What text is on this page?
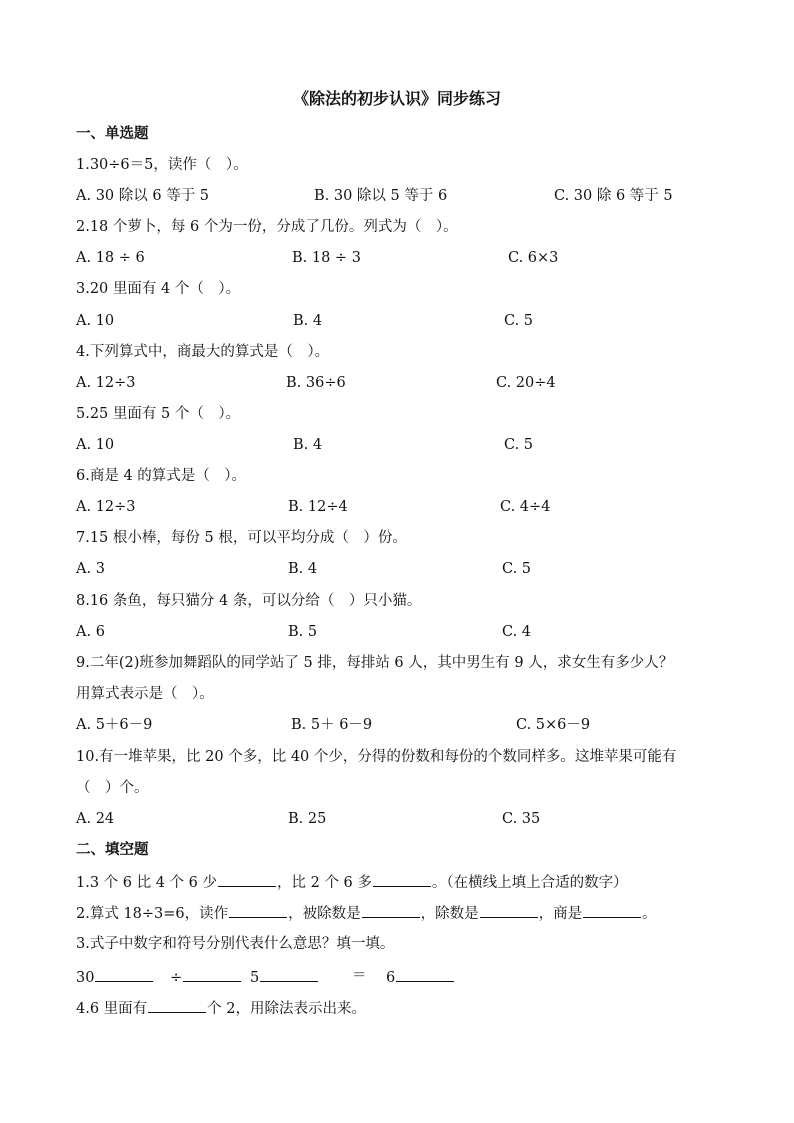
《除法的初步认识》同步练习
一、单选题
1.30÷6＝5，读作（　）。
A. 30 除以 6 等于 5	B. 30 除以 5 等于 6	C. 30 除 6 等于 5
2.18 个萝卜，每 6 个为一份，分成了几份。列式为（　）。
A. 18 ÷ 6	B. 18 ÷ 3	C. 6×3
3.20 里面有 4 个（　）。
A. 10	B. 4	C. 5
4.下列算式中，商最大的算式是（　）。
A. 12÷3	B. 36÷6	C. 20÷4
5.25 里面有 5 个（　）。
A. 10	B. 4	C. 5
6.商是 4 的算式是（　）。
A. 12÷3	B. 12÷4	C. 4÷4
7.15 根小棒，每份 5 根，可以平均分成（　）份。
A. 3	B. 4	C. 5
8.16 条鱼，每只猫分 4 条，可以分给（　）只小猫。
A. 6	B. 5	C. 4
9.二年(2)班参加舞蹈队的同学站了 5 排，每排站 6 人，其中男生有 9 人，求女生有多少人？
用算式表示是（　）。
A. 5＋6－9	B. 5＋ 6－9	C. 5×6－9
10.有一堆苹果，比 20 个多，比 40 个少，分得的份数和每份的个数同样多。这堆苹果可能有
（　）个。
A. 24	B. 25	C. 35
二、填空题
1.3 个 6 比 4 个 6 少	，比 2 个 6 多	。（在横线上填上合适的数字）
2.算式 18÷3=6，读作	，被除数是	，除数是	，商是	。
3.式子中数字和符号分别代表什么意思？填一填。
30	÷	5	＝ 6
4.6 里面有	个 2，用除法表示出来。
